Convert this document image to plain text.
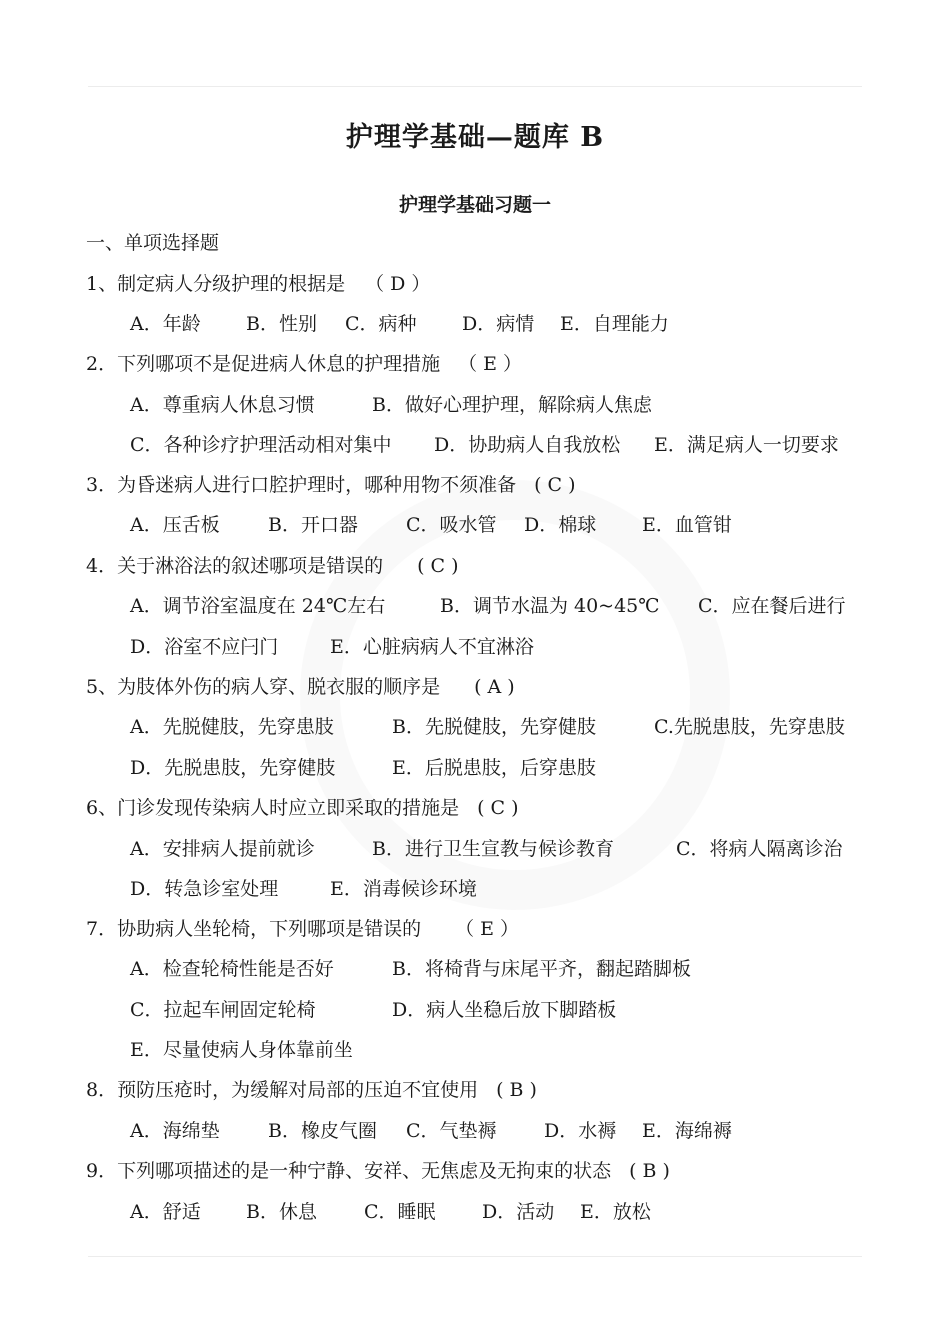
护理学基础—题库 B
护理学基础习题一
一、单项选择题
1、制定病人分级护理的根据是 （ D ）
A．年龄 B．性别 C．病种 D．病情 E．自理能力
2．下列哪项不是促进病人休息的护理措施 （ E ）
A．尊重病人休息习惯	B．做好心理护理，解除病人焦虑
C．各种诊疗护理活动相对集中 D．协助病人自我放松 E．满足病人一切要求
3．为昏迷病人进行口腔护理时，哪种用物不须准备 ( C )
A．压舌板	B．开口器	C．吸水管 D．棉球 E．血管钳
4．关于淋浴法的叙述哪项是错误的 ( C )
A．调节浴室温度在 24℃左右	B．调节水温为 40~45℃ C．应在餐后进行
D．浴室不应闩门	E．心脏病病人不宜淋浴
5、为肢体外伤的病人穿、脱衣服的顺序是 ( A )
A．先脱健肢，先穿患肢	B．先脱健肢，先穿健肢	C.先脱患肢，先穿患肢
D．先脱患肢，先穿健肢	E．后脱患肢，后穿患肢
6、门诊发现传染病人时应立即采取的措施是 ( C )
A．安排病人提前就诊	B．进行卫生宣教与候诊教育	C．将病人隔离诊治
D．转急诊室处理	E．消毒候诊环境
7．协助病人坐轮椅，下列哪项是错误的 （ E ）
A．检查轮椅性能是否好	B．将椅背与床尾平齐，翻起踏脚板
C．拉起车闸固定轮椅	D．病人坐稳后放下脚踏板
E．尽量使病人身体靠前坐
8．预防压疮时，为缓解对局部的压迫不宜使用 ( B )
A．海绵垫	B．橡皮气圈 C．气垫褥 D．水褥 E．海绵褥
9．下列哪项描述的是一种宁静、安祥、无焦虑及无拘束的状态 ( B )
A．舒适 B．休息 C．睡眠 D．活动 E．放松
